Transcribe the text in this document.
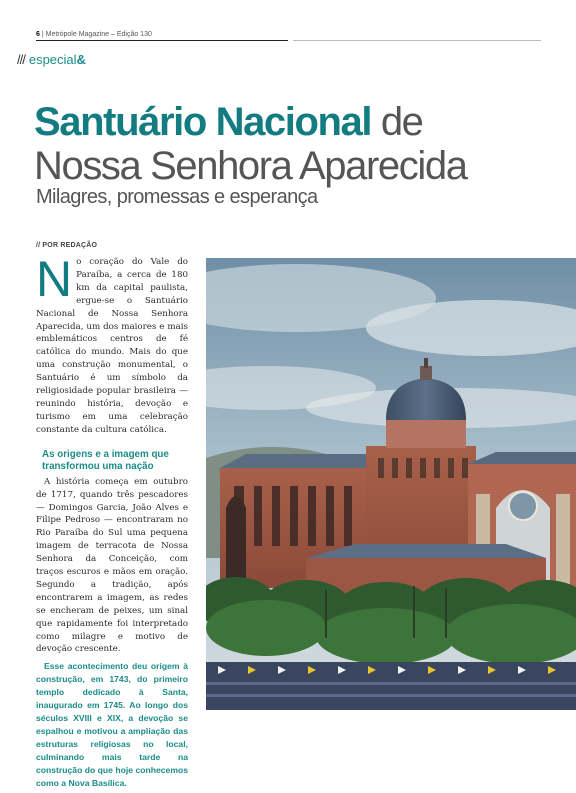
6 | Metrópole Magazine – Edição 130
/// especial&
Santuário Nacional de
Nossa Senhora Aparecida
Milagres, promessas e esperança
// POR REDAÇÃO

No coração do Vale do Paraíba, a cerca de 180 km da capital paulista, ergue-se o Santuário Nacional de Nossa Senhora Aparecida, um dos maiores e mais emblemáticos centros de fé católica do mundo. Mais do que uma construção monumental, o Santuário é um símbolo da religiosidade popular brasileira — reunindo história, devoção e turismo em uma celebração constante da cultura católica.

As origens e a imagem que transformou uma nação

A história começa em outubro de 1717, quando três pescadores — Domingos Garcia, João Alves e Filipe Pedroso — encontraram no Rio Paraíba do Sul uma pequena imagem de terracota de Nossa Senhora da Conceição, com traços escuros e mãos em oração. Segundo a tradição, após encontrarem a imagem, as redes se encheram de peixes, um sinal que rapidamente foi interpretado como milagre e motivo de devoção crescente.

Esse acontecimento deu origem à construção, em 1743, do primeiro templo dedicado à Santa, inaugurado em 1745. Ao longo dos séculos XVIII e XIX, a devoção se espalhou e motivou a ampliação das estruturas religiosas no local, culminando mais tarde na construção do que hoje conhecemos como a Nova Basílica.
